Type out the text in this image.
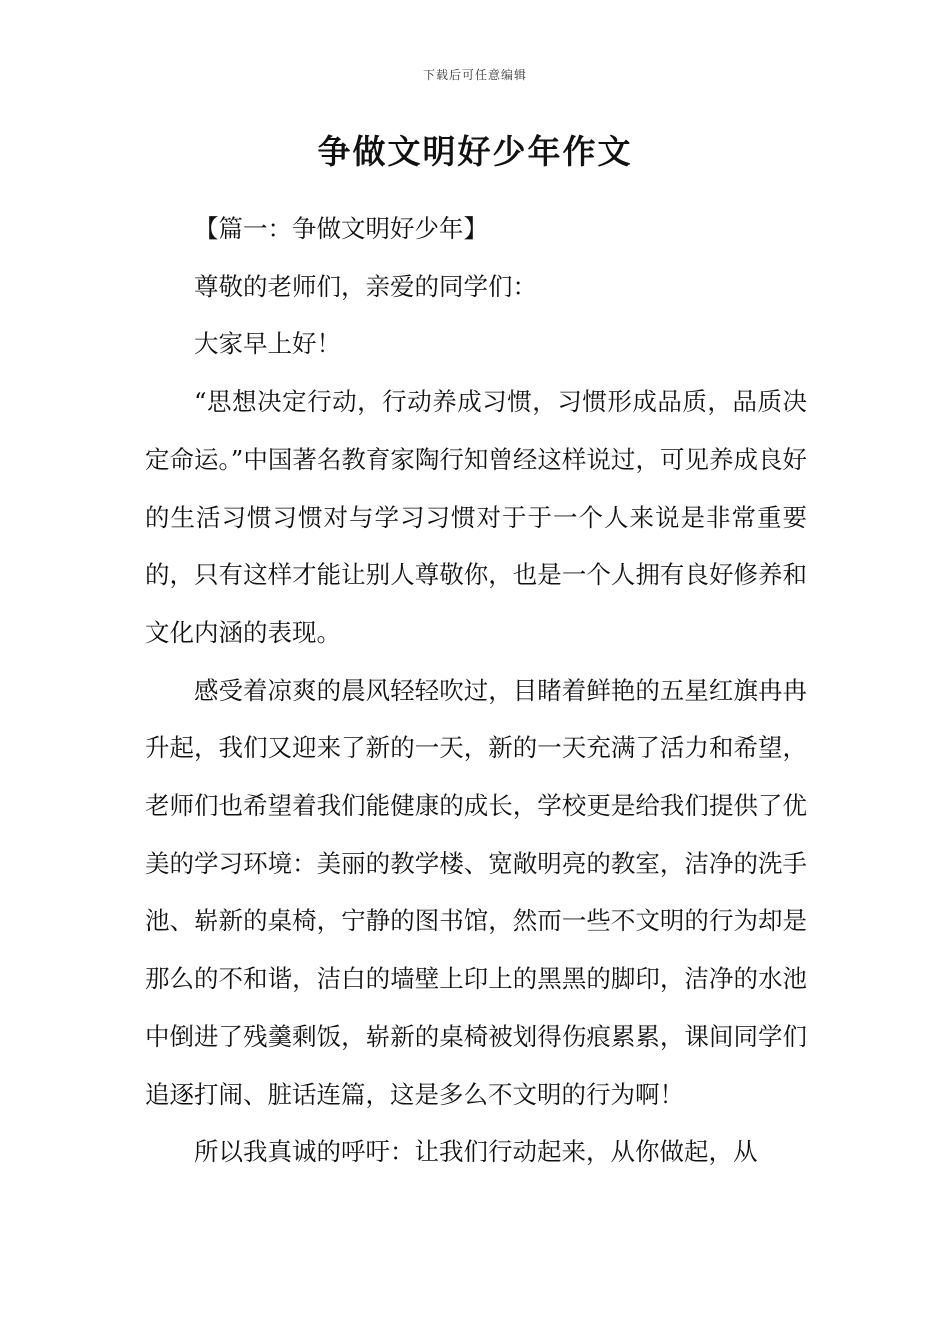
下载后可任意编辑
争做文明好少年作文

【篇一：争做文明好少年】

尊敬的老师们，亲爱的同学们：

大家早上好！

“思想决定行动，行动养成习惯，习惯形成品质，品质决定命运。”中国著名教育家陶行知曾经这样说过，可见养成良好的生活习惯习惯对与学习习惯对于于一个人来说是非常重要的，只有这样才能让别人尊敬你，也是一个人拥有良好修养和文化内涵的表现。

感受着凉爽的晨风轻轻吹过，目睹着鲜艳的五星红旗冉冉升起，我们又迎来了新的一天，新的一天充满了活力和希望，老师们也希望着我们能健康的成长，学校更是给我们提供了优美的学习环境：美丽的教学楼、宽敞明亮的教室，洁净的洗手池、崭新的桌椅，宁静的图书馆，然而一些不文明的行为却是那么的不和谐，洁白的墙壁上印上的黑黑的脚印，洁净的水池中倒进了残羹剩饭，崭新的桌椅被划得伤痕累累，课间同学们追逐打闹、脏话连篇，这是多么不文明的行为啊！

所以我真诚的呼吁：让我们行动起来，从你做起，从
